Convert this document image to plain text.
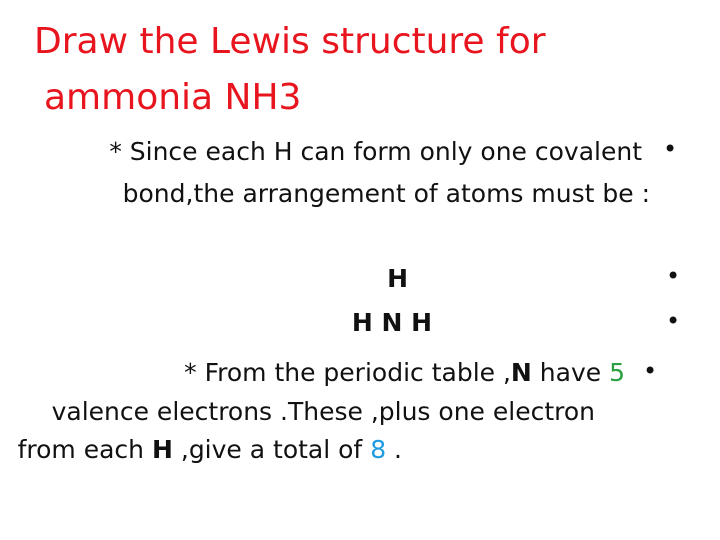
Draw the Lewis structure for
ammonia NH3
* Since each H can form only one covalent •
bond,the arrangement of atoms must be :
H	•
H N H	•
* From the periodic table ,N have 5 •
valence electrons .These ,plus one electron
from each H ,give a total of 8 .
